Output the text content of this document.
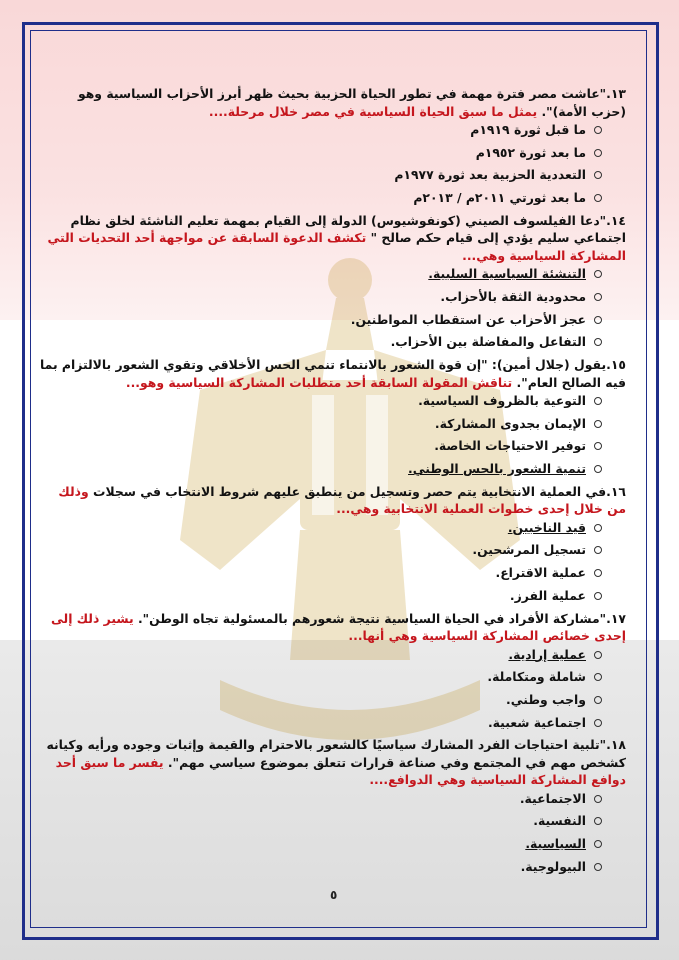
١٣."عاشت مصر فترة مهمة في تطور الحياة الحزبية بحيث ظهر أبرز الأحزاب السياسية وهو (حزب الأمة)". يمثل ما سبق الحياة السياسية في مصر خلال مرحلة....

ما قبل ثورة ١٩١٩م
ما بعد ثورة ١٩٥٢م
التعددية الحزبية بعد ثورة ١٩٧٧م
ما بعد ثورتي ٢٠١١م / ٢٠١٣م

١٤."دعا الفيلسوف الصيني (كونفوشيوس) الدولة إلى القيام بمهمة تعليم الناشئة لخلق نظام اجتماعي سليم يؤدي إلى قيام حكم صالح " تكشف الدعوة السابقة عن مواجهة أحد التحديات التي المشاركة السياسية وهي...

التنشئة السياسية السلبية.
محدودية الثقة بالأحزاب.
عجز الأحزاب عن استقطاب المواطنين.
التفاعل والمفاضلة بين الأحزاب.

١٥.يقول (جلال أمين): "إن قوة الشعور بالانتماء تنمي الحس الأخلاقي وتقوي الشعور بالالتزام بما فيه الصالح العام". تناقش المقولة السابقة أحد متطلبات المشاركة السياسية وهو...

التوعية بالظروف السياسية.
الإيمان بجدوى المشاركة.
توفير الاحتياجات الخاصة.
تنمية الشعور بالحس الوطني.

١٦.في العملية الانتخابية يتم حصر وتسجيل من ينطبق عليهم شروط الانتخاب في سجلات وذلك من خلال إحدى خطوات العملية الانتخابية وهي...

قيد الناخبين.
تسجيل المرشحين.
عملية الاقتراع.
عملية الفرز.

١٧."مشاركة الأفراد في الحياة السياسية نتيجة شعورهم بالمسئولية تجاه الوطن". يشير ذلك إلى إحدى خصائص المشاركة السياسية وهي أنها...

عملية إرادية.
شاملة ومتكاملة.
واجب وطني.
اجتماعية شعبية.

١٨."تلبية احتياجات الفرد المشارك سياسيًا كالشعور بالاحترام والقيمة وإثبات وجوده ورأيه وكيانه كشخص مهم في المجتمع وفي صناعة قرارات تتعلق بموضوع سياسي مهم". يفسر ما سبق أحد دوافع المشاركة السياسية وهي الدوافع....

الاجتماعية.
النفسية.
السياسية.
البيولوجية.
٥
